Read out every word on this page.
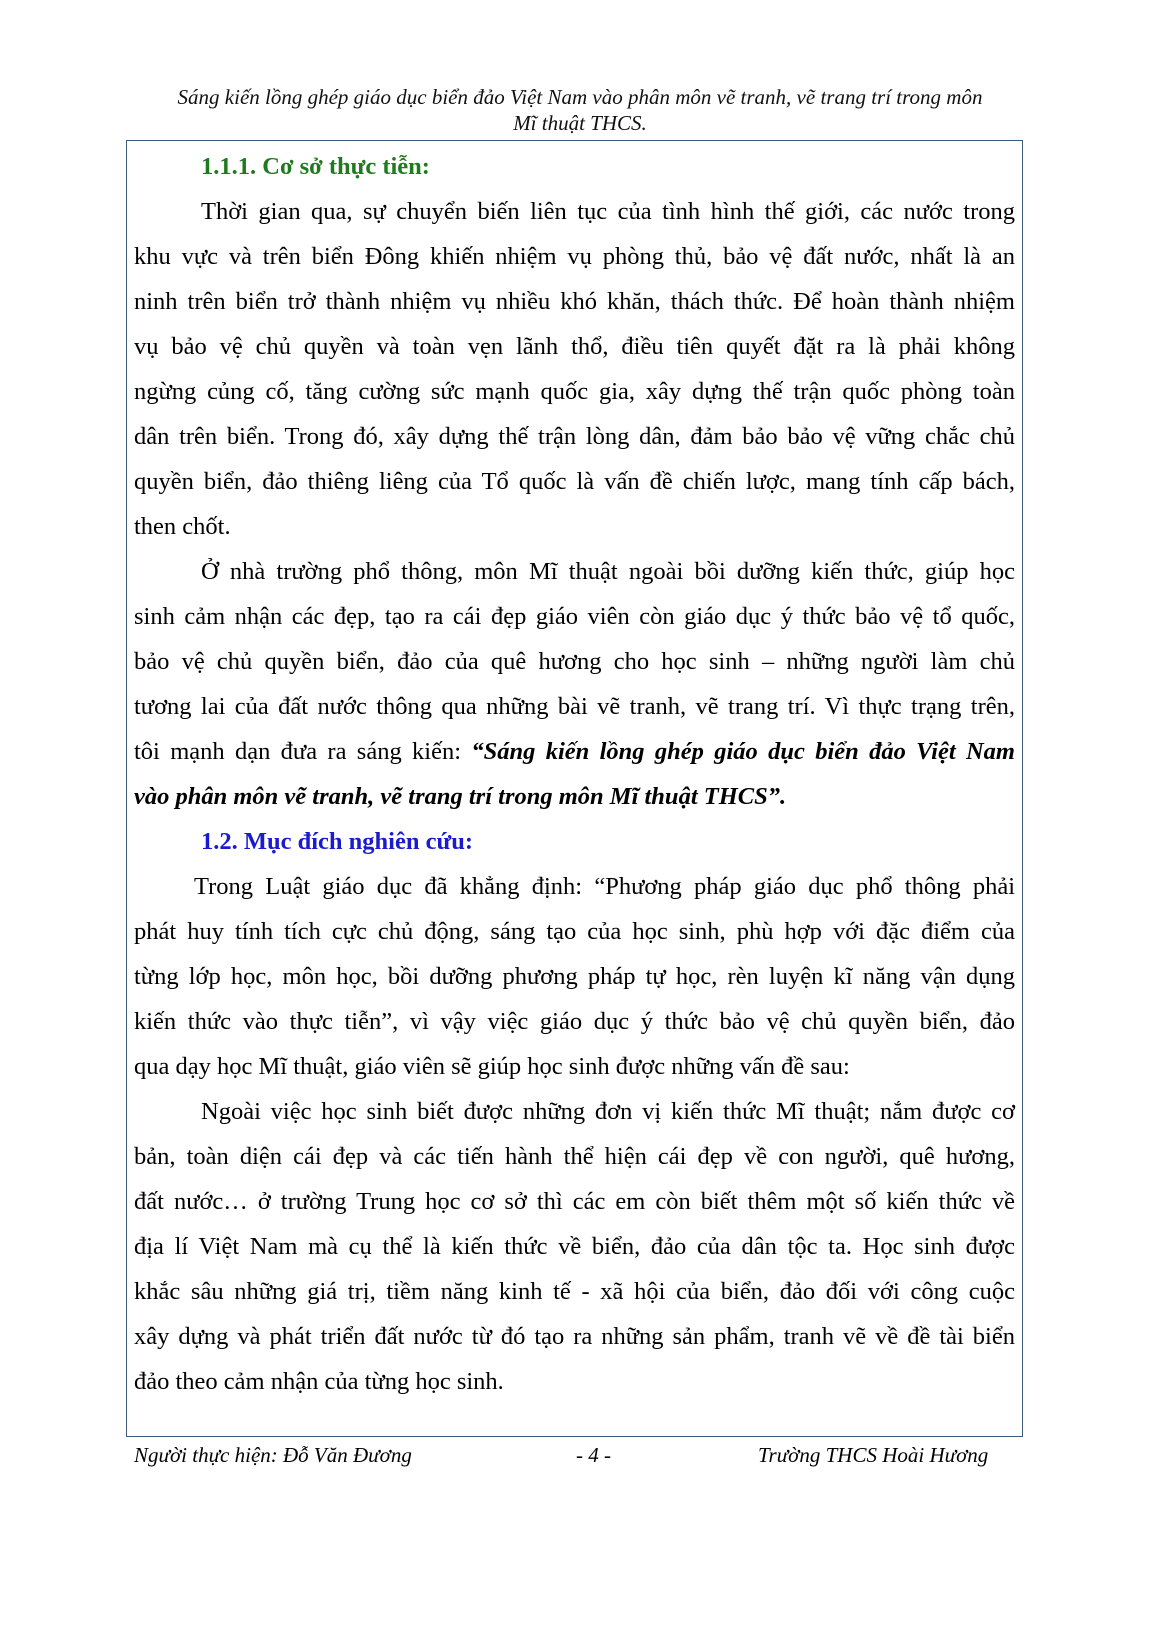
Sáng kiến lồng ghép giáo dục biển đảo Việt Nam vào phân môn vẽ tranh, vẽ trang trí trong môn
Mĩ thuật THCS.
1.1.1. Cơ sở thực tiễn:
Thời gian qua, sự chuyển biến liên tục của tình hình thế giới, các nước trong
khu vực và trên biển Đông khiến nhiệm vụ phòng thủ, bảo vệ đất nước, nhất là an
ninh trên biển trở thành nhiệm vụ nhiều khó khăn, thách thức. Để hoàn thành nhiệm
vụ bảo vệ chủ quyền và toàn vẹn lãnh thổ, điều tiên quyết đặt ra là phải không
ngừng củng cố, tăng cường sức mạnh quốc gia, xây dựng thế trận quốc phòng toàn
dân trên biển. Trong đó, xây dựng thế trận lòng dân, đảm bảo bảo vệ vững chắc chủ
quyền biển, đảo thiêng liêng của Tổ quốc là vấn đề chiến lược, mang tính cấp bách,
then chốt.
Ở nhà trường phổ thông, môn Mĩ thuật ngoài bồi dưỡng kiến thức, giúp học
sinh cảm nhận các đẹp, tạo ra cái đẹp giáo viên còn giáo dục ý thức bảo vệ tổ quốc,
bảo vệ chủ quyền biển, đảo của quê hương cho học sinh – những người làm chủ
tương lai của đất nước thông qua những bài vẽ tranh, vẽ trang trí. Vì thực trạng trên,
tôi mạnh dạn đưa ra sáng kiến: “Sáng kiến lồng ghép giáo dục biển đảo Việt Nam
vào phân môn vẽ tranh, vẽ trang trí trong môn Mĩ thuật THCS”.
1.2. Mục đích nghiên cứu:
Trong Luật giáo dục đã khẳng định: “Phương pháp giáo dục phổ thông phải
phát huy tính tích cực chủ động, sáng tạo của học sinh, phù hợp với đặc điểm của
từng lớp học, môn học, bồi dưỡng phương pháp tự học, rèn luyện kĩ năng vận dụng
kiến thức vào thực tiễn”, vì vậy việc giáo dục ý thức bảo vệ chủ quyền biển, đảo
qua dạy học Mĩ thuật, giáo viên sẽ giúp học sinh được những vấn đề sau:
Ngoài việc học sinh biết được những đơn vị kiến thức Mĩ thuật; nắm được cơ
bản, toàn diện cái đẹp và các tiến hành thể hiện cái đẹp về con người, quê hương,
đất nước… ở trường Trung học cơ sở thì các em còn biết thêm một số kiến thức về
địa lí Việt Nam mà cụ thể là kiến thức về biển, đảo của dân tộc ta. Học sinh được
khắc sâu những giá trị, tiềm năng kinh tế - xã hội của biển, đảo đối với công cuộc
xây dựng và phát triển đất nước từ đó tạo ra những sản phẩm, tranh vẽ về đề tài biển
đảo theo cảm nhận của từng học sinh.
Người thực hiện: Đỗ Văn Đương	- 4 -	Trường THCS Hoài Hương
